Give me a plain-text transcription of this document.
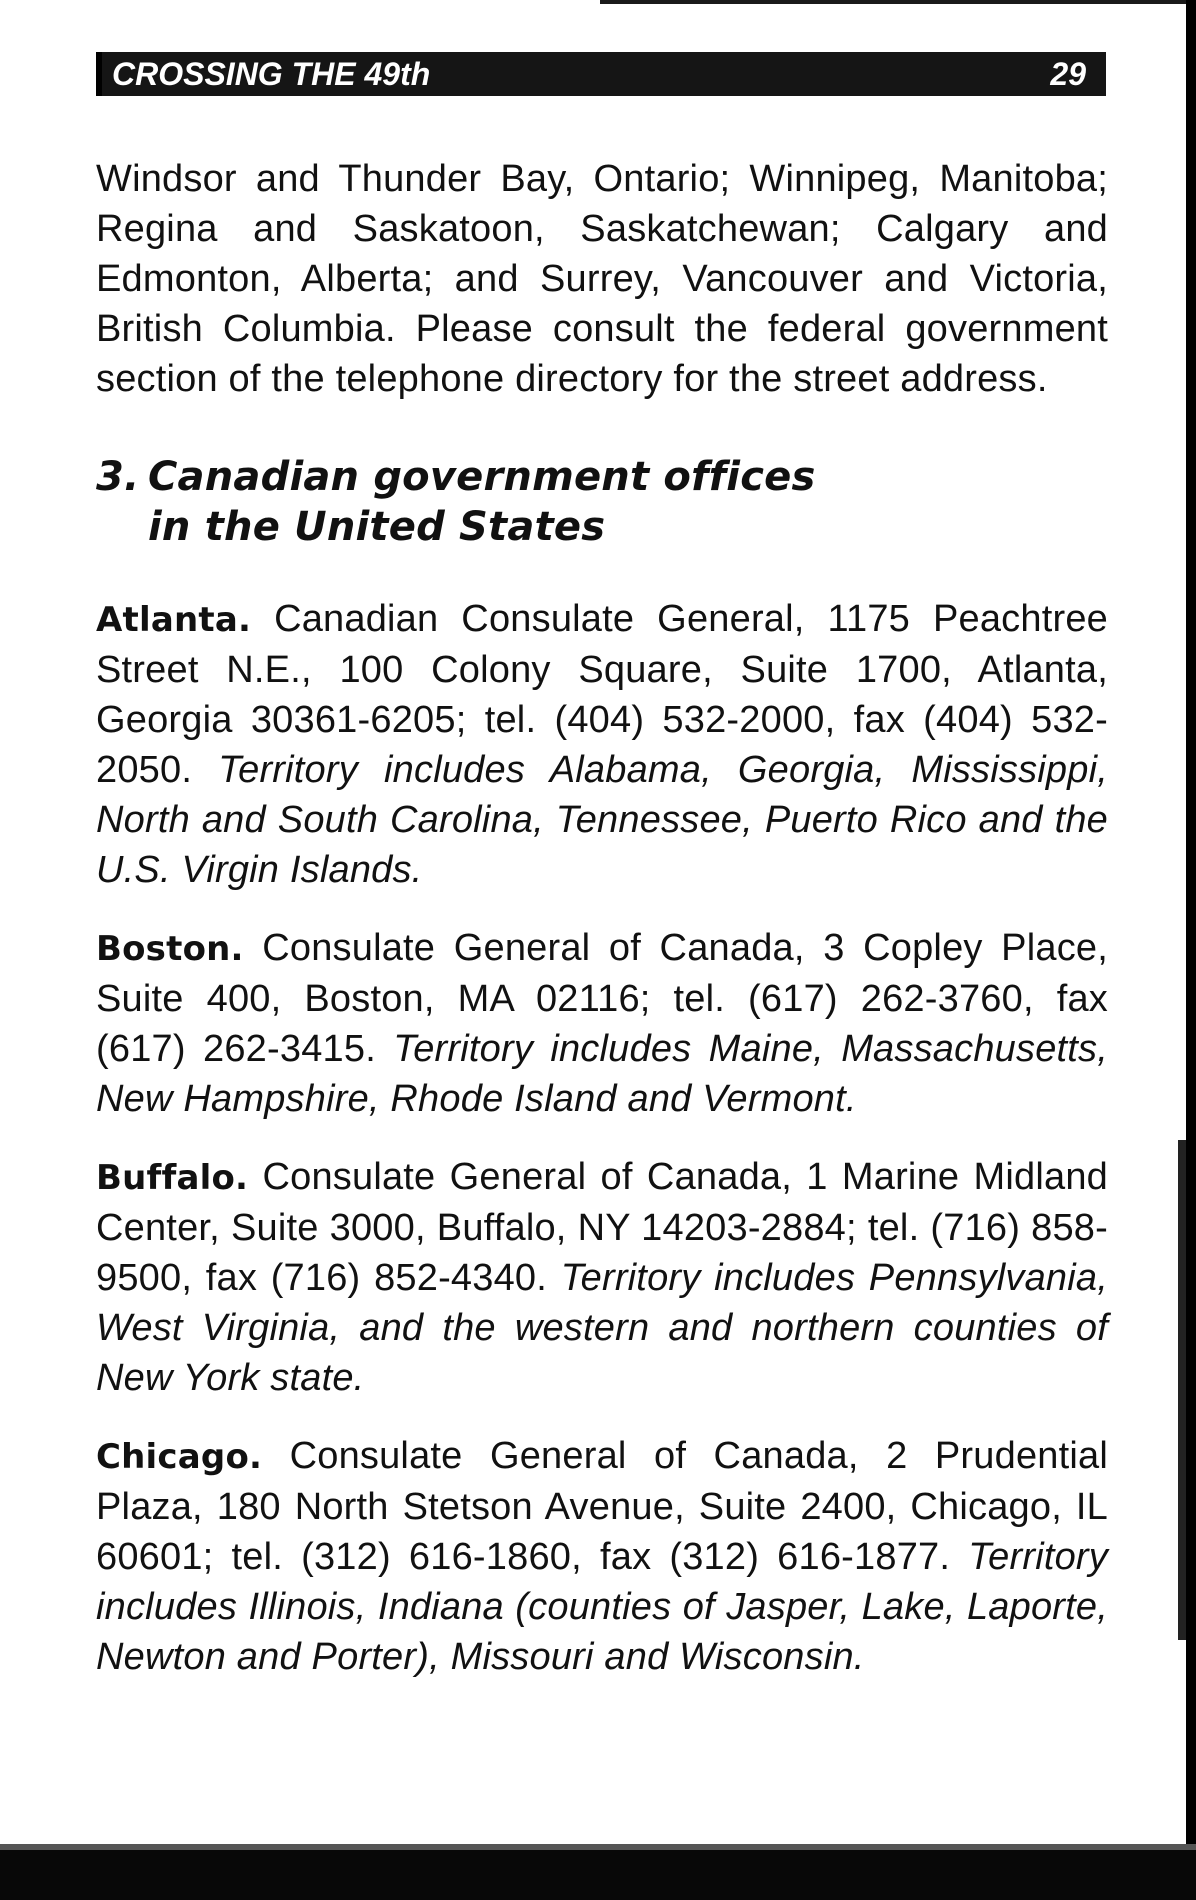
CROSSING THE 49th	29

Windsor and Thunder Bay, Ontario; Winnipeg, Manitoba; Regina and Saskatoon, Saskatchewan; Calgary and Edmonton, Alberta; and Surrey, Vancouver and Victoria, British Columbia. Please consult the federal government section of the telephone directory for the street address.

3. Canadian government offices
in the United States

Atlanta. Canadian Consulate General, 1175 Peachtree Street N.E., 100 Colony Square, Suite 1700, Atlanta, Georgia 30361-6205; tel. (404) 532-2000, fax (404) 532-2050. Territory includes Alabama, Georgia, Mississippi, North and South Carolina, Tennessee, Puerto Rico and the U.S. Virgin Islands.

Boston. Consulate General of Canada, 3 Copley Place, Suite 400, Boston, MA 02116; tel. (617) 262-3760, fax (617) 262-3415. Territory includes Maine, Massachusetts, New Hampshire, Rhode Island and Vermont.

Buffalo. Consulate General of Canada, 1 Marine Midland Center, Suite 3000, Buffalo, NY 14203-2884; tel. (716) 858-9500, fax (716) 852-4340. Territory includes Pennsylvania, West Virginia, and the western and northern counties of New York state.

Chicago. Consulate General of Canada, 2 Prudential Plaza, 180 North Stetson Avenue, Suite 2400, Chicago, IL 60601; tel. (312) 616-1860, fax (312) 616-1877. Territory includes Illinois, Indiana (counties of Jasper, Lake, Laporte, Newton and Porter), Missouri and Wisconsin.
